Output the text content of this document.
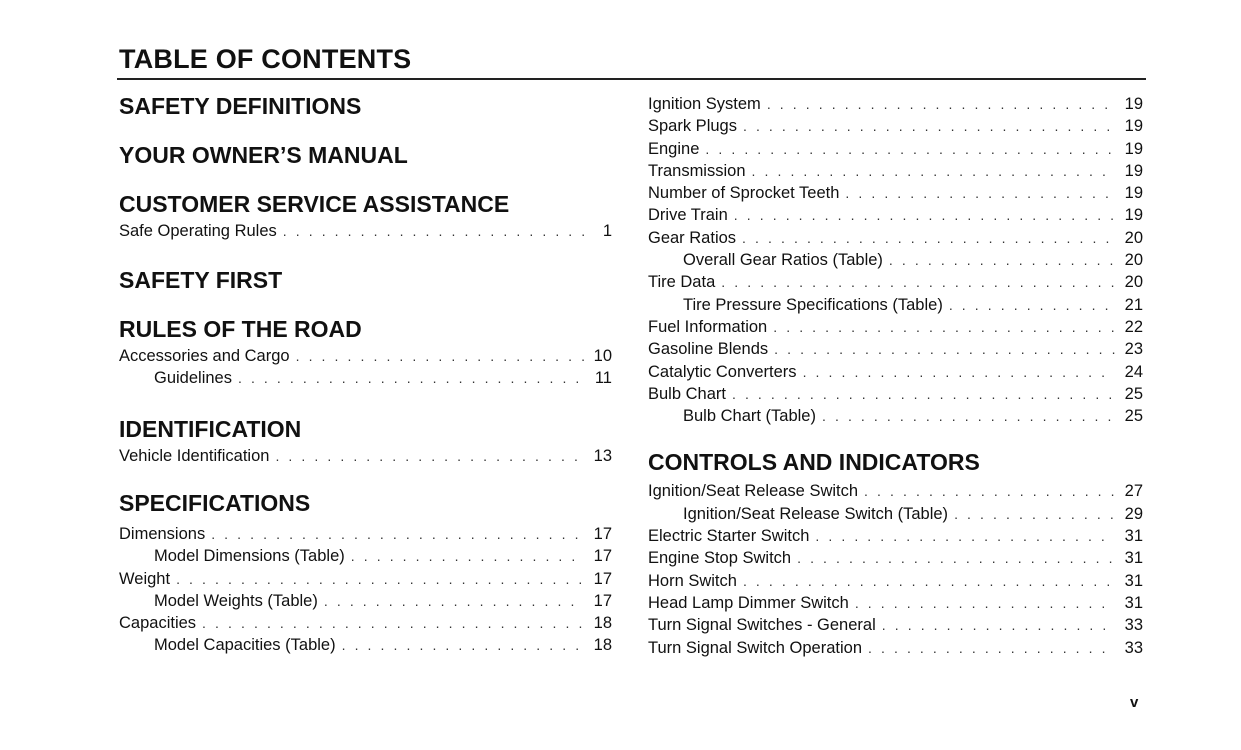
TABLE OF CONTENTS
SAFETY DEFINITIONS
YOUR OWNER’S MANUAL
CUSTOMER SERVICE ASSISTANCE
Safe Operating Rules . . .	1
SAFETY FIRST
RULES OF THE ROAD
Accessories and Cargo . . .	10
Guidelines . . .	11
IDENTIFICATION
Vehicle Identification . . .	13
SPECIFICATIONS
Dimensions . . .	17
Model Dimensions (Table) . . .	17
Weight . . .	17
Model Weights (Table) . . .	17
Capacities . . .	18
Model Capacities (Table) . . .	18
Ignition System . . .	19
Spark Plugs . . .	19
Engine . . .	19
Transmission . . .	19
Number of Sprocket Teeth . . .	19
Drive Train . . .	19
Gear Ratios . . .	20
Overall Gear Ratios (Table) . . .	20
Tire Data . . .	20
Tire Pressure Specifications (Table) . . .	21
Fuel Information . . .	22
Gasoline Blends . . .	23
Catalytic Converters . . .	24
Bulb Chart . . .	25
Bulb Chart (Table) . . .	25
CONTROLS AND INDICATORS
Ignition/Seat Release Switch . . .	27
Ignition/Seat Release Switch (Table) . . .	29
Electric Starter Switch . . .	31
Engine Stop Switch . . .	31
Horn Switch . . .	31
Head Lamp Dimmer Switch . . .	31
Turn Signal Switches - General . . .	33
Turn Signal Switch Operation . . .	33
v
